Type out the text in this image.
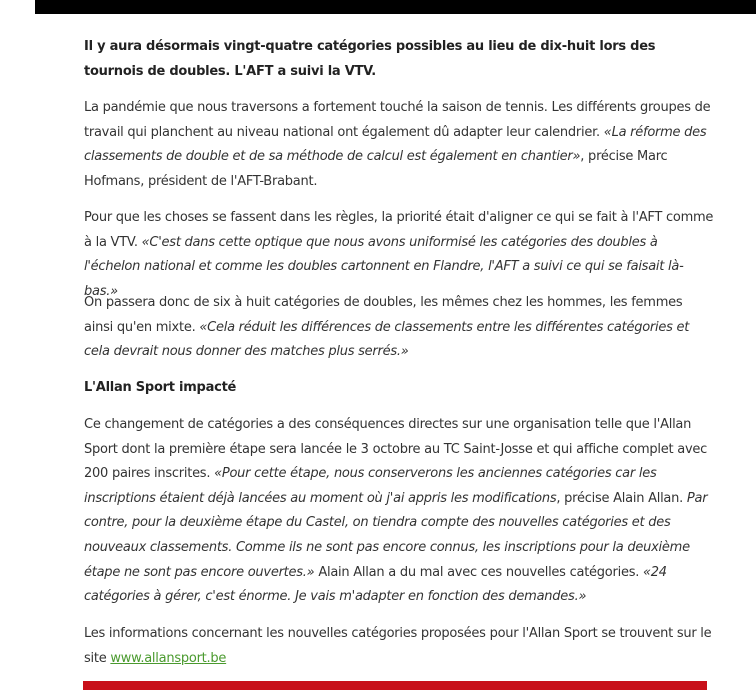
Il y aura désormais vingt-quatre catégories possibles au lieu de dix-huit lors des tournois de doubles. L'AFT a suivi la VTV.

La pandémie que nous traversons a fortement touché la saison de tennis. Les différents groupes de travail qui planchent au niveau national ont également dû adapter leur calendrier. «La réforme des classements de double et de sa méthode de calcul est également en chantier», précise Marc Hofmans, président de l'AFT-Brabant.

Pour que les choses se fassent dans les règles, la priorité était d'aligner ce qui se fait à l'AFT comme à la VTV. «C'est dans cette optique que nous avons uniformisé les catégories des doubles à l'échelon national et comme les doubles cartonnent en Flandre, l'AFT a suivi ce qui se faisait là-bas.»

On passera donc de six à huit catégories de doubles, les mêmes chez les hommes, les femmes ainsi qu'en mixte. «Cela réduit les différences de classements entre les différentes catégories et cela devrait nous donner des matches plus serrés.»

L'Allan Sport impacté

Ce changement de catégories a des conséquences directes sur une organisation telle que l'Allan Sport dont la première étape sera lancée le 3 octobre au TC Saint-Josse et qui affiche complet avec 200 paires inscrites. «Pour cette étape, nous conserverons les anciennes catégories car les inscriptions étaient déjà lancées au moment où j'ai appris les modifications, précise Alain Allan. Par contre, pour la deuxième étape du Castel, on tiendra compte des nouvelles catégories et des nouveaux classements. Comme ils ne sont pas encore connus, les inscriptions pour la deuxième étape ne sont pas encore ouvertes.» Alain Allan a du mal avec ces nouvelles catégories. «24 catégories à gérer, c'est énorme. Je vais m'adapter en fonction des demandes.»

Les informations concernant les nouvelles catégories proposées pour l'Allan Sport se trouvent sur le site www.allansport.be
